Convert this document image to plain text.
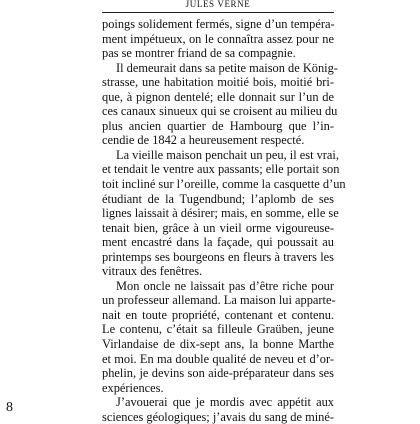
JULES VERNE
poings solidement fermés, signe d’un tempéra-
ment impétueux, on le connaîtra assez pour ne
pas se montrer friand de sa compagnie.
Il demeurait dans sa petite maison de König-
strasse, une habitation moitié bois, moitié bri-
que, à pignon dentelé; elle donnait sur l’un de
ces canaux sinueux qui se croisent au milieu du
plus ancien quartier de Hambourg que l’in-
cendie de 1842 a heureusement respecté.
La vieille maison penchait un peu, il est vrai,
et tendait le ventre aux passants; elle portait son
toit incliné sur l’oreille, comme la casquette d’un
étudiant de la Tugendbund; l’aplomb de ses
lignes laissait à désirer; mais, en somme, elle se
tenait bien, grâce à un vieil orme vigoureuse-
ment encastré dans la façade, qui poussait au
printemps ses bourgeons en fleurs à travers les
vitraux des fenêtres.
Mon oncle ne laissait pas d’être riche pour
un professeur allemand. La maison lui apparte-
nait en toute propriété, contenant et contenu.
Le contenu, c’était sa filleule Graüben, jeune
Virlandaise de dix-sept ans, la bonne Marthe
et moi. En ma double qualité de neveu et d’or-
phelin, je devins son aide-préparateur dans ses
expériences.
J’avouerai que je mordis avec appétit aux
sciences géologiques; j’avais du sang de miné-
8
